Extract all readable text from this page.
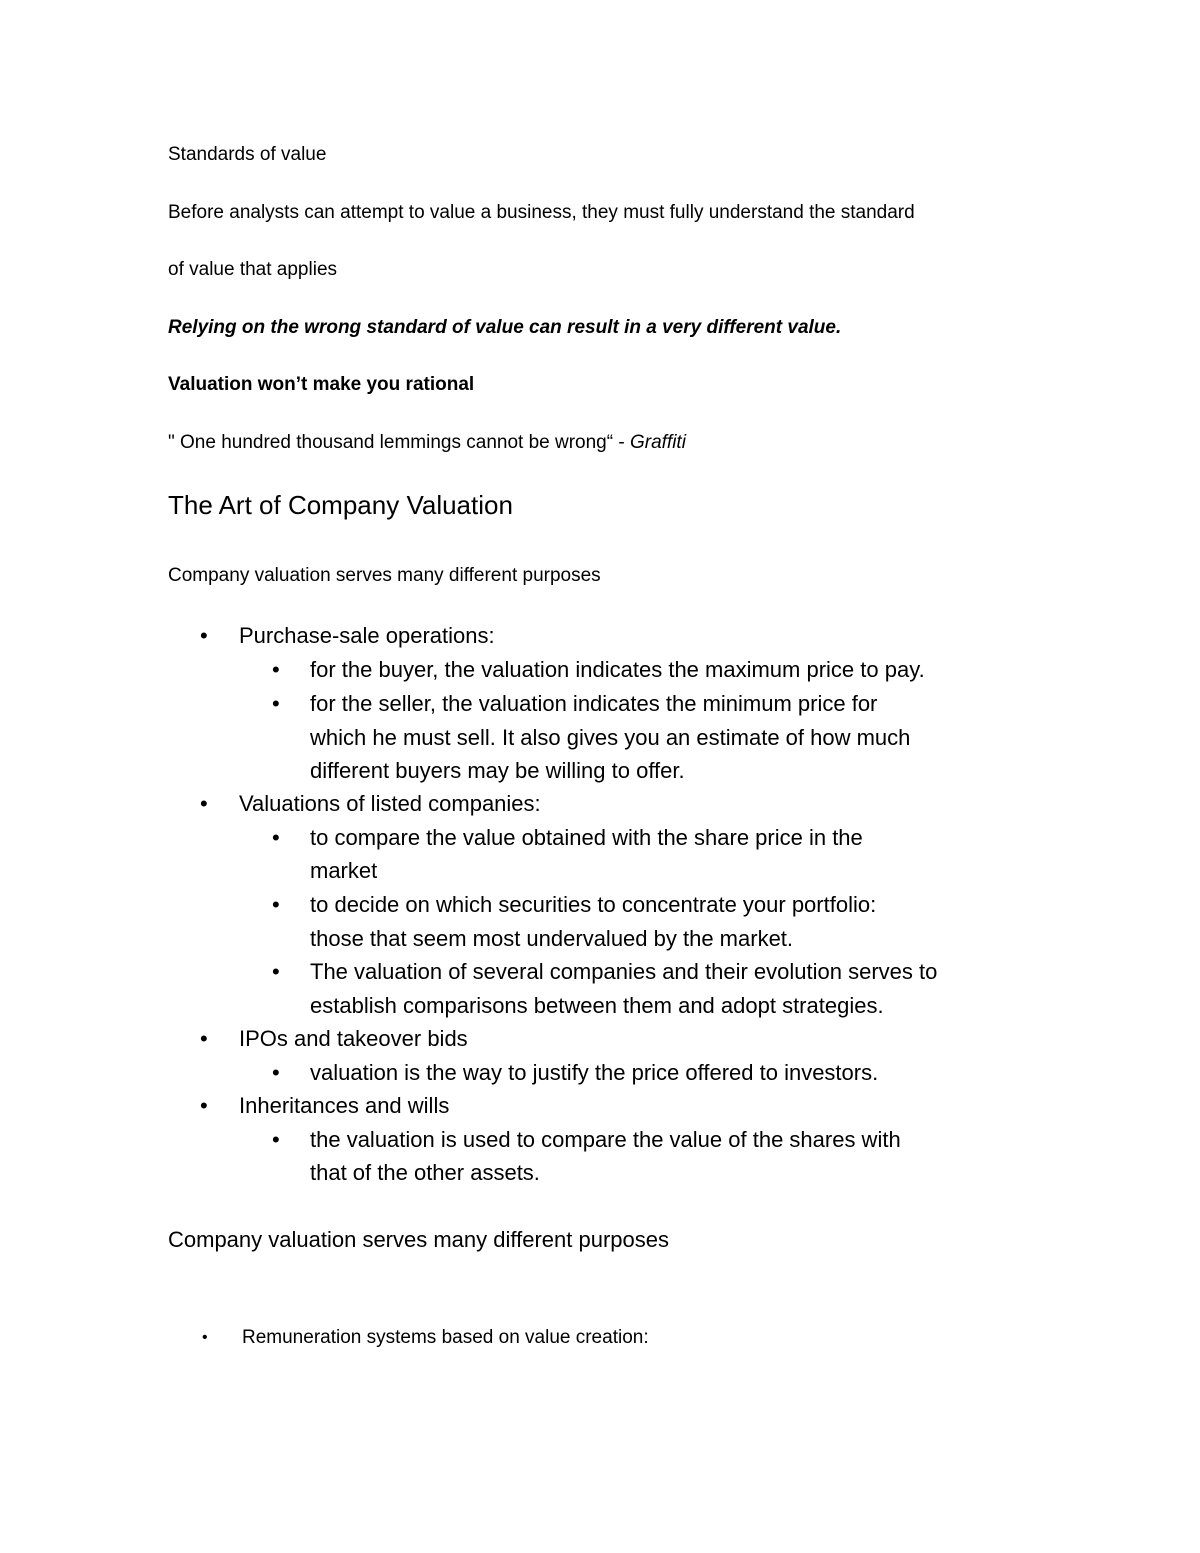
Standards of value
Before analysts can attempt to value a business, they must fully understand the standard
of value that applies
Relying on the wrong standard of value can result in a very different value.
Valuation won’t make you rational
" One hundred thousand lemmings cannot be wrong“ - Graffiti
The Art of Company Valuation
Company valuation serves many different purposes
• Purchase-sale operations:
• for the buyer, the valuation indicates the maximum price to pay.
• for the seller, the valuation indicates the minimum price for
which he must sell. It also gives you an estimate of how much
different buyers may be willing to offer.
• Valuations of listed companies:
• to compare the value obtained with the share price in the
market
• to decide on which securities to concentrate your portfolio:
those that seem most undervalued by the market.
• The valuation of several companies and their evolution serves to
establish comparisons between them and adopt strategies.
• IPOs and takeover bids
• valuation is the way to justify the price offered to investors.
• Inheritances and wills
• the valuation is used to compare the value of the shares with
that of the other assets.
Company valuation serves many different purposes
• Remuneration systems based on value creation:
